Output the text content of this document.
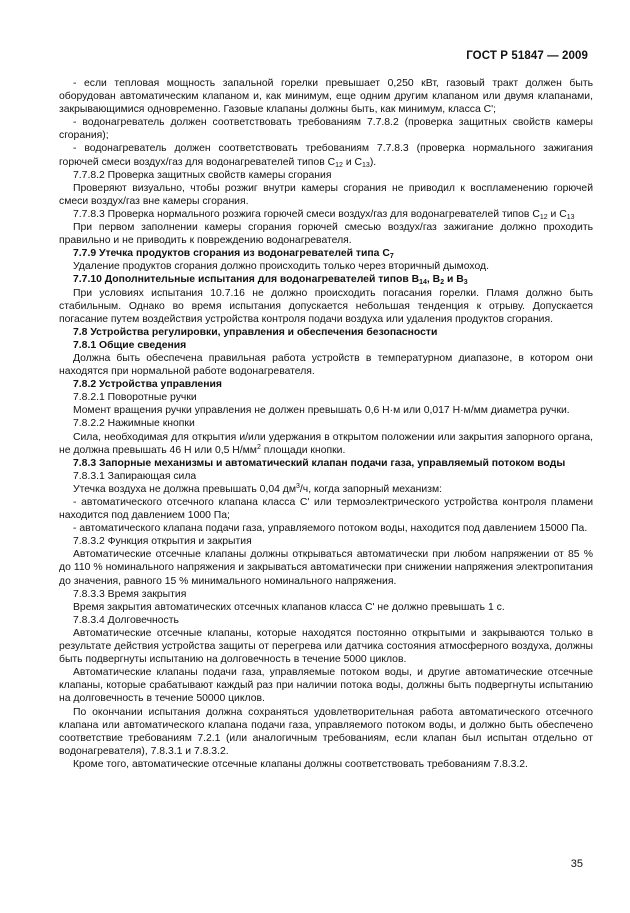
ГОСТ Р 51847 — 2009

- если тепловая мощность запальной горелки превышает 0,250 кВт, газовый тракт должен быть оборудован автоматическим клапаном и, как минимум, еще одним другим клапаном или двумя клапанами, закрывающимися одновременно. Газовые клапаны должны быть, как минимум, класса С';

- водонагреватель должен соответствовать требованиям 7.7.8.2 (проверка защитных свойств камеры сгорания);

- водонагреватель должен соответствовать требованиям 7.7.8.3 (проверка нормального зажигания горючей смеси воздух/газ для водонагревателей типов $С_{12}$ и $С_{13}$).

7.7.8.2 Проверка защитных свойств камеры сгорания

Проверяют визуально, чтобы розжиг внутри камеры сгорания не приводил к воспламенению горючей смеси воздух/газ вне камеры сгорания.

7.7.8.3 Проверка нормального розжига горючей смеси воздух/газ для водонагревателей типов $С_{12}$ и $С_{13}$

При первом заполнении камеры сгорания горючей смесью воздух/газ зажигание должно проходить правильно и не приводить к повреждению водонагревателя.

7.7.9 Утечка продуктов сгорания из водонагревателей типа $С_7$

Удаление продуктов сгорания должно происходить только через вторичный дымоход.

7.7.10 Дополнительные испытания для водонагревателей типов $В_{14}$, $В_2$ и $В_3$

При условиях испытания 10.7.16 не должно происходить погасания горелки. Пламя должно быть стабильным. Однако во время испытания допускается небольшая тенденция к отрыву. Допускается погасание путем воздействия устройства контроля подачи воздуха или удаления продуктов сгорания.

7.8 Устройства регулировки, управления и обеспечения безопасности

7.8.1 Общие сведения

Должна быть обеспечена правильная работа устройств в температурном диапазоне, в котором они находятся при нормальной работе водонагревателя.

7.8.2 Устройства управления

7.8.2.1 Поворотные ручки

Момент вращения ручки управления не должен превышать 0,6 Н·м или 0,017 Н·м/мм диаметра ручки.

7.8.2.2 Нажимные кнопки

Сила, необходимая для открытия и/или удержания в открытом положении или закрытия запорного органа, не должна превышать 46 Н или 0,5 $Н/мм^2$ площади кнопки.

7.8.3 Запорные механизмы и автоматический клапан подачи газа, управляемый потоком воды

7.8.3.1 Запирающая сила

Утечка воздуха не должна превышать 0,04 $дм^3/ч$, когда запорный механизм:

- автоматического отсечного клапана класса С' или термоэлектрического устройства контроля пламени находится под давлением 1000 Па;

- автоматического клапана подачи газа, управляемого потоком воды, находится под давлением 15000 Па.

7.8.3.2 Функция открытия и закрытия

Автоматические отсечные клапаны должны открываться автоматически при любом напряжении от 85 % до 110 % номинального напряжения и закрываться автоматически при снижении напряжения электропитания до значения, равного 15 % минимального номинального напряжения.

7.8.3.3 Время закрытия

Время закрытия автоматических отсечных клапанов класса С' не должно превышать 1 с.

7.8.3.4 Долговечность

Автоматические отсечные клапаны, которые находятся постоянно открытыми и закрываются только в результате действия устройства защиты от перегрева или датчика состояния атмосферного воздуха, должны быть подвергнуты испытанию на долговечность в течение 5000 циклов.

Автоматические клапаны подачи газа, управляемые потоком воды, и другие автоматические отсечные клапаны, которые срабатывают каждый раз при наличии потока воды, должны быть подвергнуты испытанию на долговечность в течение 50000 циклов.

По окончании испытания должна сохраняться удовлетворительная работа автоматического отсечного клапана или автоматического клапана подачи газа, управляемого потоком воды, и должно быть обеспечено соответствие требованиям 7.2.1 (или аналогичным требованиям, если клапан был испытан отдельно от водонагревателя), 7.8.3.1 и 7.8.3.2.

Кроме того, автоматические отсечные клапаны должны соответствовать требованиям 7.8.3.2.

35
